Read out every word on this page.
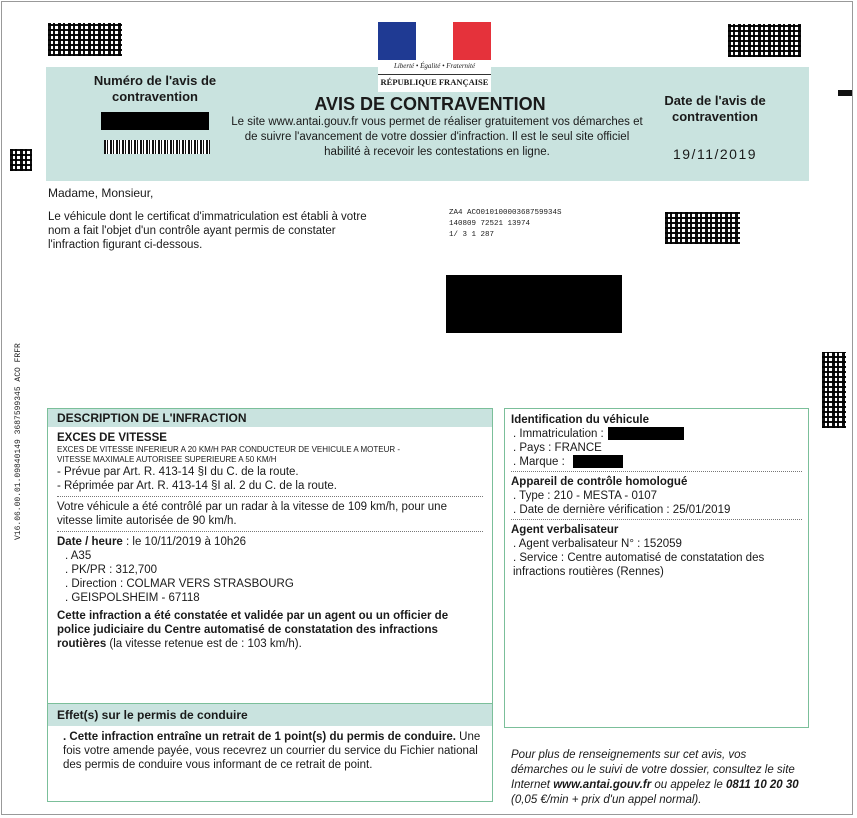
Liberté • Égalité • Fraternité
RÉPUBLIQUE FRANÇAISE
Numéro de l'avis de contravention	AVIS DE CONTRAVENTION
Le site www.antai.gouv.fr vous permet de réaliser gratuitement vos démarches et de suivre l'avancement de votre dossier d'infraction. Il est le seul site officiel habilité à recevoir les contestations en ligne.
Date de l'avis de contravention
19/11/2019
Madame, Monsieur,
Le véhicule dont le certificat d'immatriculation est établi à votre nom a fait l'objet d'un contrôle ayant permis de constater l'infraction figurant ci-dessous.
ZA4 ACO01010000368759934S
140809 72521 13974
1/ 3 1 287
V16.06.00.01.09840149 3687599345 ACO FRFR	DESCRIPTION DE L'INFRACTION
EXCES DE VITESSE
EXCES DE VITESSE INFERIEUR A 20 KM/H PAR CONDUCTEUR DE VEHICULE A MOTEUR -
VITESSE MAXIMALE AUTORISEE SUPERIEURE A 50 KM/H
- Prévue par Art. R. 413-14 §I du C. de la route.
- Réprimée par Art. R. 413-14 §I al. 2 du C. de la route.
Votre véhicule a été contrôlé par un radar à la vitesse de 109 km/h, pour une vitesse limite autorisée de 90 km/h.
Date / heure : le 10/11/2019 à 10h26
. A35
. PK/PR : 312,700
. Direction : COLMAR VERS STRASBOURG
. GEISPOLSHEIM - 67118
Cette infraction a été constatée et validée par un agent ou un officier de police judiciaire du Centre automatisé de constatation des infractions routières (la vitesse retenue est de : 103 km/h).
Effet(s) sur le permis de conduire
. Cette infraction entraîne un retrait de 1 point(s) du permis de conduire. Une fois votre amende payée, vous recevrez un courrier du service du Fichier national des permis de conduire vous informant de ce retrait de point.
Identification du véhicule
. Immatriculation :
. Pays : FRANCE
. Marque :
Appareil de contrôle homologué
. Type : 210 - MESTA - 0107
. Date de dernière vérification : 25/01/2019
Agent verbalisateur
. Agent verbalisateur N° : 152059
. Service : Centre automatisé de constatation des infractions routières (Rennes)
Pour plus de renseignements sur cet avis, vos démarches ou le suivi de votre dossier, consultez le site Internet www.antai.gouv.fr ou appelez le 0811 10 20 30 (0,05 €/min + prix d'un appel normal).
